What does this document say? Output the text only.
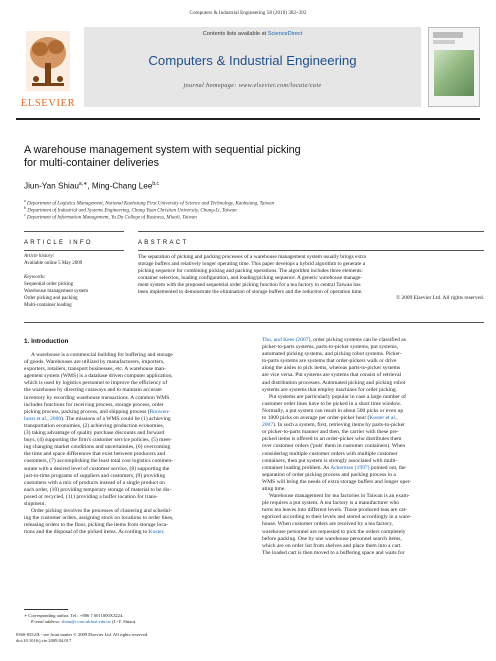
Computers & Industrial Engineering 58 (2010) 382–392
ELSEVIER
Contents lists available at ScienceDirect
Computers & Industrial Engineering
journal homepage: www.elsevier.com/locate/caie
A warehouse management system with sequential picking
for multi-container deliveries
Jiun-Yan Shiau$^{a,∗}$, Ming-Chang Lee$^{b,c}$
$^a$ Department of Logistics Management, National Kaohsiung First University of Science and Technology, Kaohsiung, Taiwan
$^b$ Department of Industrial and Systems Engineering, Chung Yuan Christian University, Chung-Li, Taiwan
$^c$ Department of Information Management, Yu Da College of Business, Miaoli, Taiwan
ARTICLE INFO	ABSTRACT
Article history:
Available online 5 May 2009
Keywords:
Sequential order picking
Warehouse management system
Order picking and packing
Multi-container loading
The separation of picking and packing processes of a warehouse management system usually brings extra
storage buffers and relatively longer operating time. This paper develops a hybrid algorithm to generate a
picking sequence for combining picking and packing operations. The algorithm includes three elements:
container selection, loading configuration, and loading/picking sequence. A generic warehouse manage-
ment system with the proposed sequential order picking function for a tea factory in central Taiwan has
been implemented to demonstrate the elimination of storage buffers and the reduction of operation time.
© 2009 Elsevier Ltd. All rights reserved.
1. Introduction
A warehouse is a commercial building for buffering and storage
of goods. Warehouses are utilized by manufacturers, importers,
exporters, retailers, transport businesses, etc. A warehouse man-
agement system (WMS) is a database driven computer application,
which is used by logistics personnel to improve the efficiency of
the warehouse by directing cutaways and to maintain accurate
inventory by recording warehouse transactions. A common WMS
includes functions for receiving process, storage process, order
picking process, packing process, and shipping process (Rouwen-
horst et al., 2000). The missions of a WMS could be (1) achieving
transportation economies, (2) achieving production economies,
(3) taking advantage of quality purchase discounts and forward
buys, (4) supporting the firm's customer service policies, (5) meet-
ing changing market conditions and uncertainties, (6) overcoming
the time and space differences that exist between producers and
customers, (7) accomplishing the least total cost logistics commen-
surate with a desired level of customer service, (8) supporting the
just-in-time programs of suppliers and customers, (9) providing
customers with a mix of products instead of a single product on
each order, (10) providing temporary storage of material to be dis-
posed or recycled, (11) providing a buffer location for trans-
shipment.
Order picking involves the processes of clustering and schedul-
ing the customer orders, assigning stock on locations to order lines,
releasing orders to the floor, picking the items from storage loca-
tions and the disposal of the picked items. According to Koster,
Tho, and Kees (2007), order picking systems can be classified as
picker-to-parts systems, parts-to-picker systems, put systems,
automated picking systems, and picking robot systems. Picker-
to-parts systems are systems that order-pickers walk or drive
along the aisles to pick items, whereas parts-to-picker systems
are vice versa. Put systems are systems that consist of retrieval
and distribution processes. Automated picking and picking robot
systems are systems that employ machines for order picking.
Put systems are particularly popular in case a large number of
customer order lines have to be picked in a short time window.
Normally, a put system can result in about 500 picks or even up
to 1000 picks on average per order-picker hour (Koster et al.,
2007). In such a system, first, retrieving items by parts-to-picker
or picker-to-parts manner and then, the carrier with these pre-
picked items is offered to an order-picker who distributes them
over customer orders ('puts' them in customer containers). When
considering multiple customer orders with multiple customer
containers, then put system is strongly associated with multi-
container loading problem. As Ackerman (1997) pointed out, the
separation of order picking process and packing process in a
WMS will bring the needs of extra storage buffers and longer oper-
ating time.
Warehouse management for tea factories in Taiwan is an exam-
ple requires a put system. A tea factory is a manufacturer who
turns tea leaves into different levels. Those produced teas are cat-
egorized according to their levels and stored accordingly in a ware-
house. When customer orders are received by a tea factory,
warehouse personnel are requested to pick the orders completely
before packing. One by one warehouse personnel search items,
which are on order list from shelves and place them into a cart.
The loaded cart is then moved to a buffering space and waits for
∗ Corresponding author. Tel.: +886 7 6011000X3224.
E-mail address: shiau@ccms.nkfust.edu.tw (J.-Y. Shiau).
0360-8352/$ - see front matter © 2009 Elsevier Ltd. All rights reserved.
doi:10.1016/j.cie.2009.04.017
